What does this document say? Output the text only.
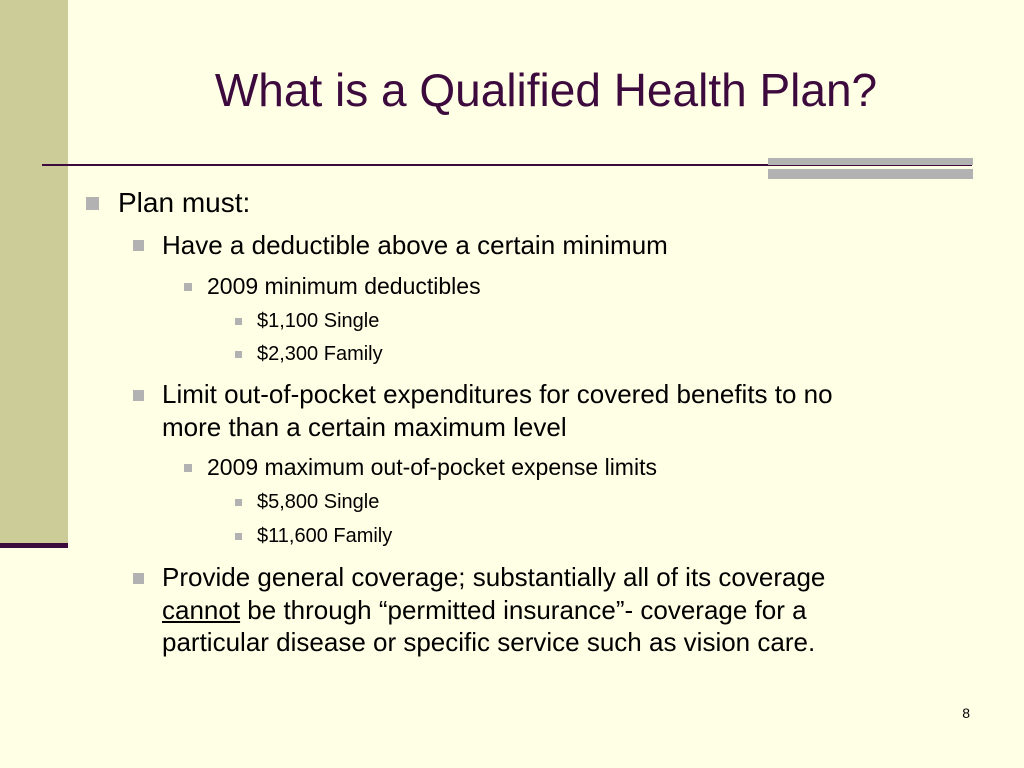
What is a Qualified Health Plan?
Plan must:
Have a deductible above a certain minimum
2009 minimum deductibles
$1,100 Single
$2,300 Family
Limit out-of-pocket expenditures for covered benefits to no
more than a certain maximum level
2009 maximum out-of-pocket expense limits
$5,800 Single
$11,600 Family
Provide general coverage; substantially all of its coverage
cannot be through “permitted insurance”- coverage for a
particular disease or specific service such as vision care.
8
